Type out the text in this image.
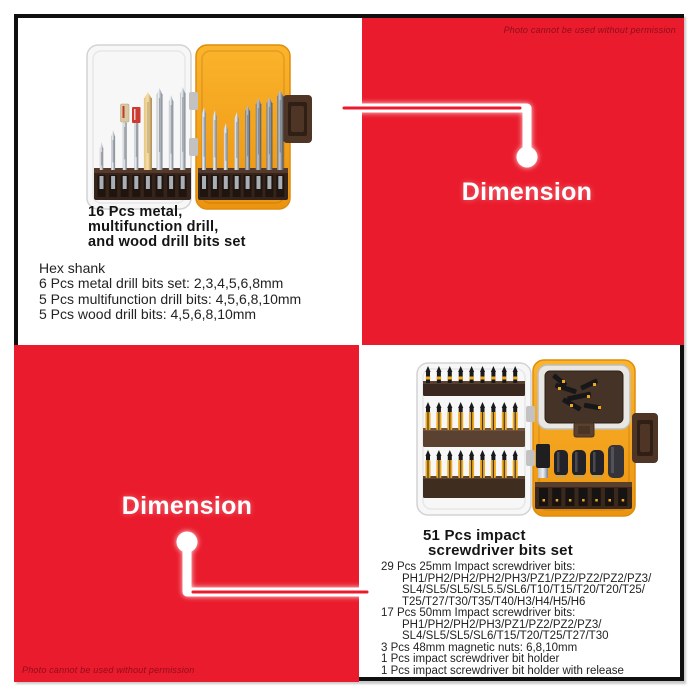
Photo cannot be used without permission
Photo cannot be used without permission
Dimension
Dimension
16 Pcs metal,
multifunction drill,
and wood drill bits set
Hex shank
6 Pcs metal drill bits set: 2,3,4,5,6,8mm
5 Pcs multifunction drill bits: 4,5,6,8,10mm
5 Pcs wood drill bits: 4,5,6,8,10mm
51 Pcs impact
screwdriver bits set
29 Pcs 25mm Impact screwdriver bits:
PH1/PH2/PH2/PH2/PH3/PZ1/PZ2/PZ2/PZ2/PZ3/
SL4/SL5/SL5/SL5.5/SL6/T10/T15/T20/T20/T25/
T25/T27/T30/T35/T40/H3/H4/H5/H6
17 Pcs 50mm Impact screwdriver bits:
PH1/PH2/PH2/PH3/PZ1/PZ2/PZ2/PZ3/
SL4/SL5/SL5/SL6/T15/T20/T25/T27/T30
3 Pcs 48mm magnetic nuts: 6,8,10mm
1 Pcs impact screwdriver bit holder
1 Pcs impact screwdriver bit holder with release
